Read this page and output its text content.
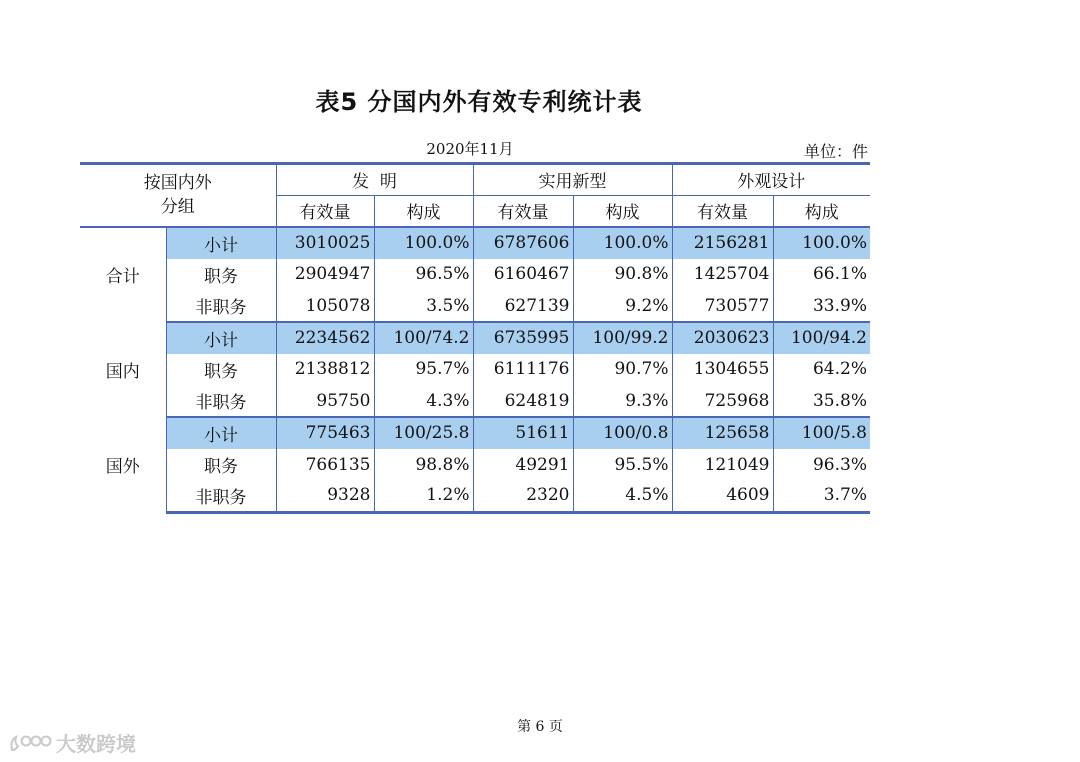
表5 分国内外有效专利统计表
2020年11月	单位：件
按国内外
分组		发  明		实用新型		外观设计	
		有效量	构成	有效量	构成	有效量	构成
合计	小计	3010025	100.0%	6787606	100.0%	2156281	100.0%
	职务	2904947	96.5%	6160467	90.8%	1425704	66.1%
	非职务	105078	3.5%	627139	9.2%	730577	33.9%
国内	小计	2234562	100/74.2	6735995	100/99.2	2030623	100/94.2
	职务	2138812	95.7%	6111176	90.7%	1304655	64.2%
	非职务	95750	4.3%	624819	9.3%	725968	35.8%
国外	小计	775463	100/25.8	51611	100/0.8	125658	100/5.8
	职务	766135	98.8%	49291	95.5%	121049	96.3%
	非职务	9328	1.2%	2320	4.5%	4609	3.7%
第 6 页
大数跨境
